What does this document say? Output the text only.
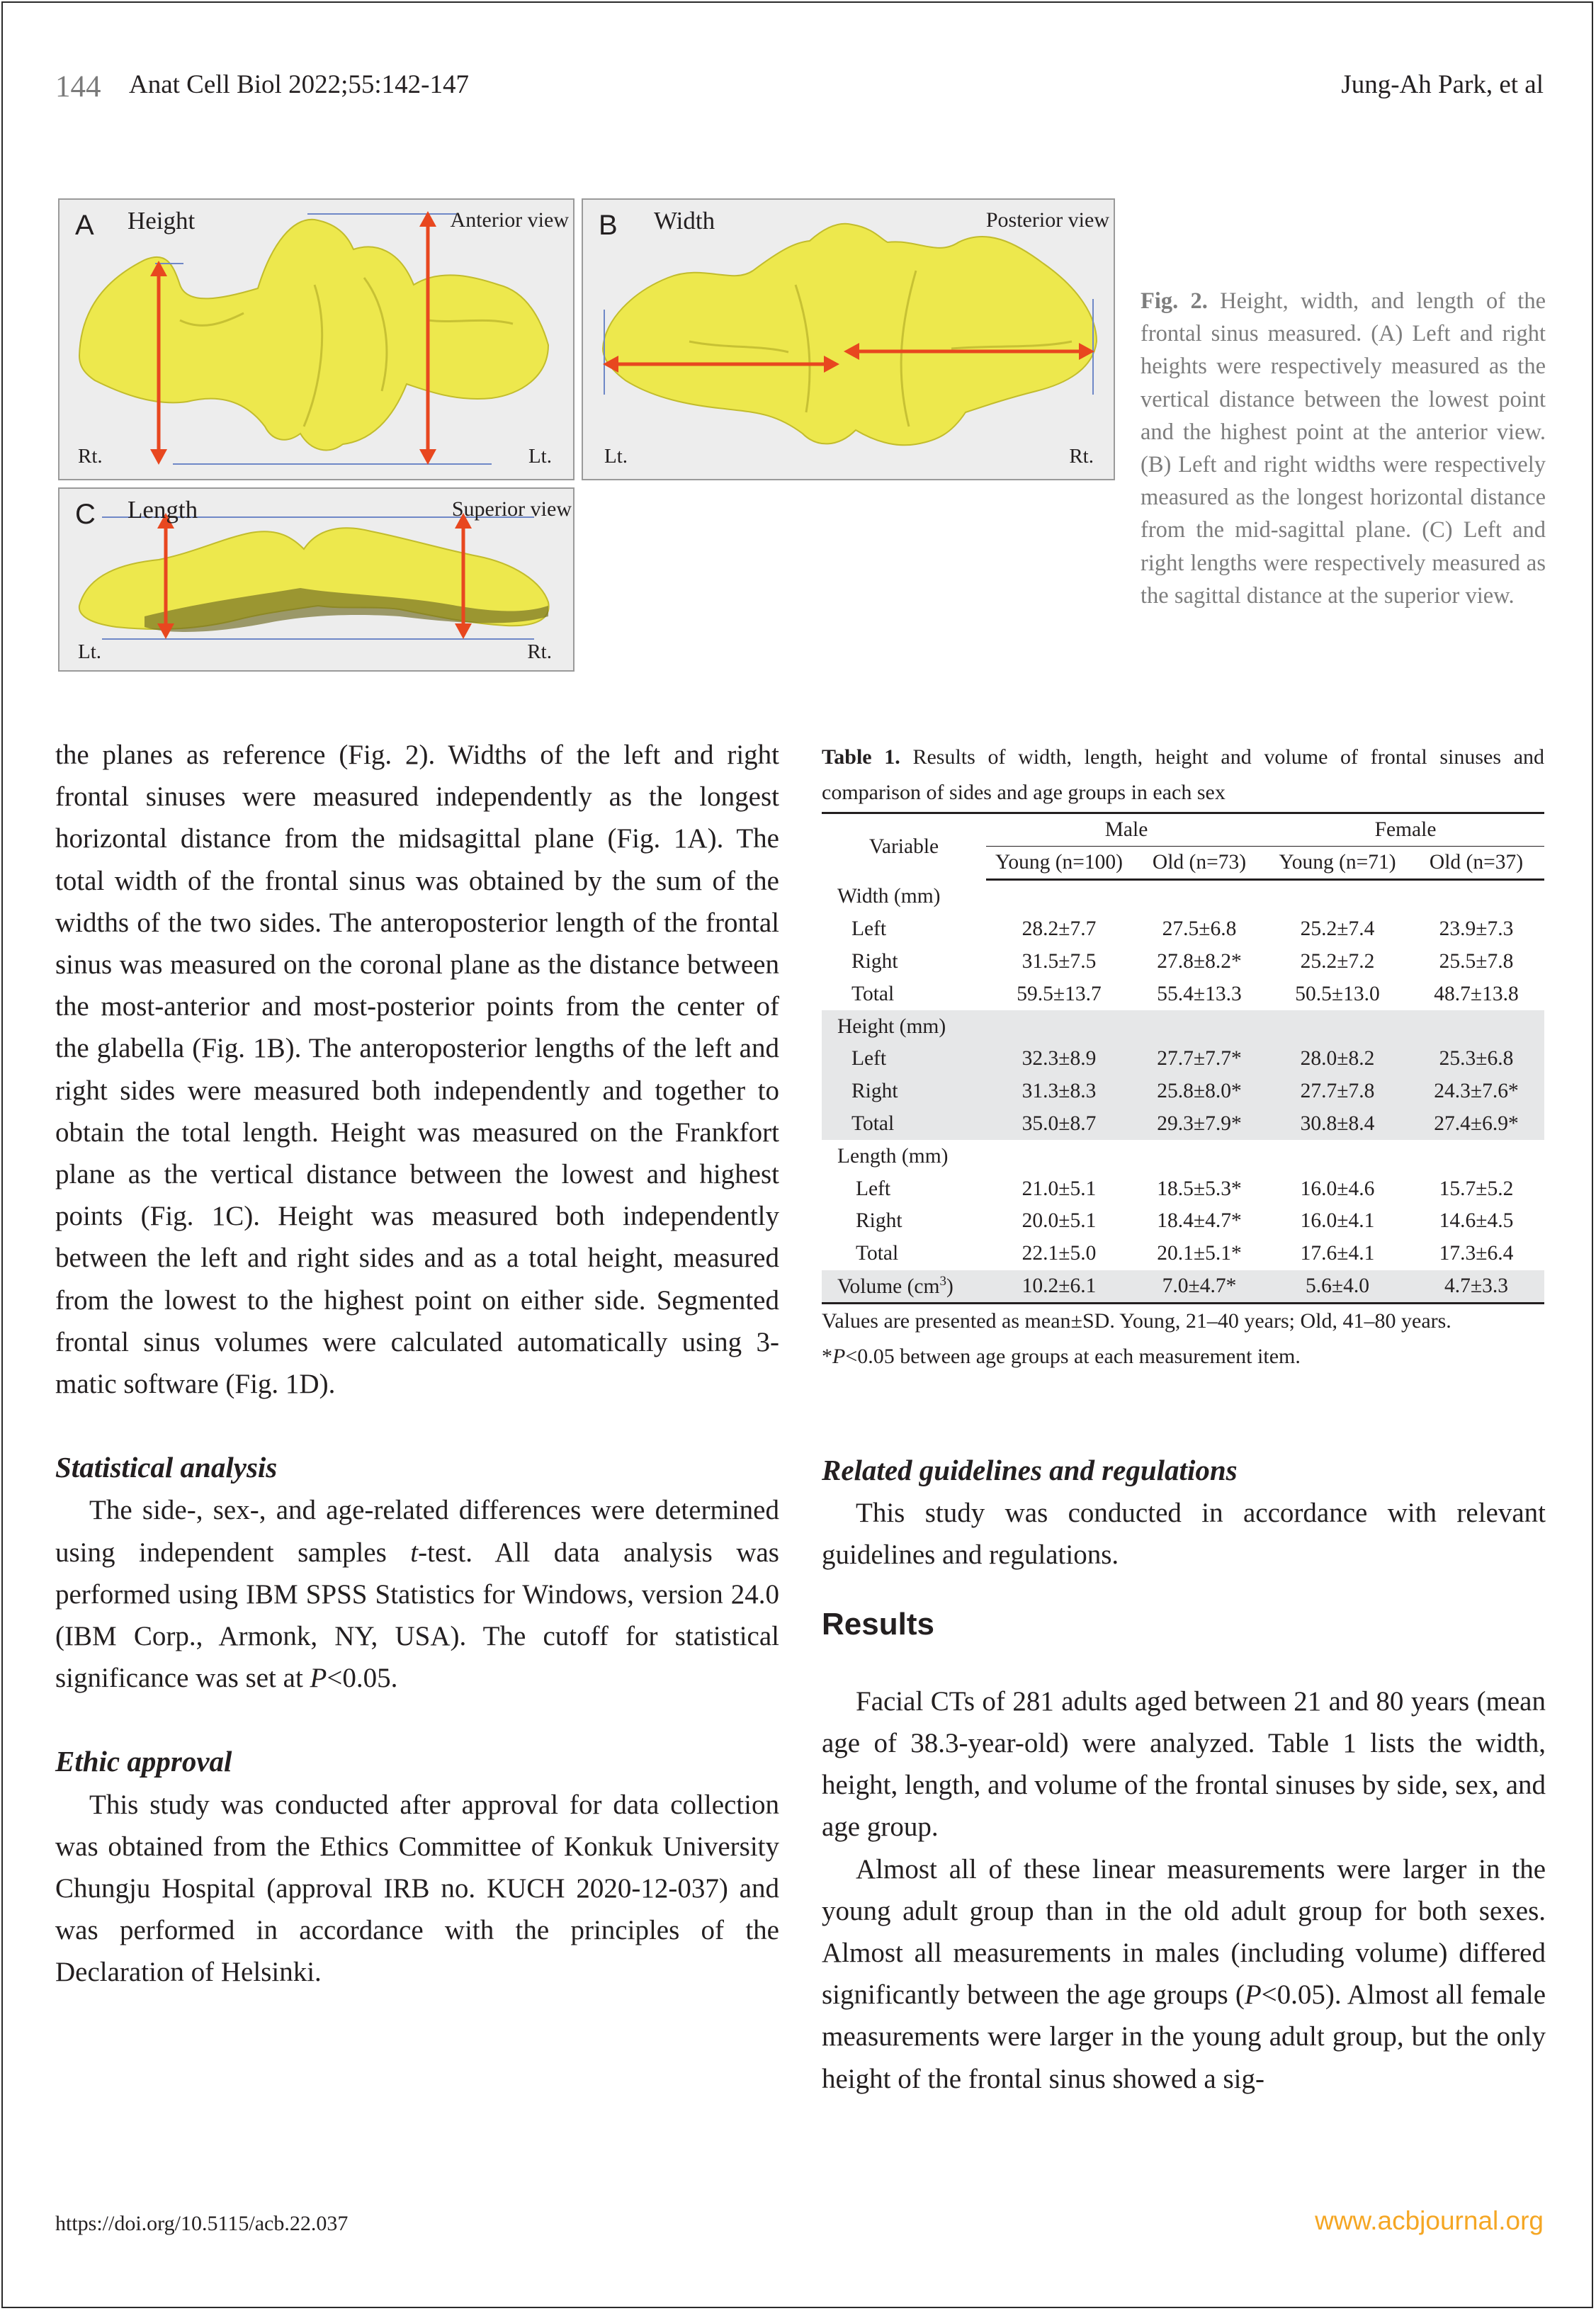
144 Anat Cell Biol 2022;55:142-147	Jung-Ah Park, et al
A Height	Anterior view
Rt.	Lt.
B Width	Posterior view
Lt.	Rt.
C Length	Superior view
Lt.	Rt.
Fig. 2. Height, width, and length of the frontal sinus measured. (A) Left and right heights were respectively measured as the vertical distance between the lowest point and the highest point at the anterior view. (B) Left and right widths were respectively measured as the longest horizontal distance from the mid-sagittal plane. (C) Left and right lengths were respectively measured as the sagittal distance at the superior view.

the planes as reference (Fig. 2). Widths of the left and right frontal sinuses were measured independently as the longest horizontal distance from the midsagittal plane (Fig. 1A). The total width of the frontal sinus was obtained by the sum of the widths of the two sides. The anteroposterior length of the frontal sinus was measured on the coronal plane as the distance between the most-anterior and most-posterior points from the center of the glabella (Fig. 1B). The anteroposterior lengths of the left and right sides were measured both independently and together to obtain the total length. Height was measured on the Frankfort plane as the vertical distance between the lowest and highest points (Fig. 1C). Height was measured both independently between the left and right sides and as a total height, measured from the lowest to the highest point on either side. Segmented frontal sinus volumes were calculated automatically using 3-matic software (Fig. 1D).

Statistical analysis

The side-, sex-, and age-related differences were determined using independent samples t-test. All data analysis was performed using IBM SPSS Statistics for Windows, version 24.0 (IBM Corp., Armonk, NY, USA). The cutoff for statistical significance was set at P<0.05.

Ethic approval

This study was conducted after approval for data collection was obtained from the Ethics Committee of Konkuk University Chungju Hospital (approval IRB no. KUCH 2020-12-037) and was performed in accordance with the principles of the Declaration of Helsinki.

Table 1. Results of width, length, height and volume of frontal sinuses and comparison of sides and age groups in each sex
Variable	Male		Female	
	Young (n=100)	Old (n=73)	Young (n=71)	Old (n=37)
Width (mm)				
Left	28.2±7.7	27.5±6.8	25.2±7.4	23.9±7.3
Right	31.5±7.5	27.8±8.2*	25.2±7.2	25.5±7.8
Total	59.5±13.7	55.4±13.3	50.5±13.0	48.7±13.8
Height (mm)				
Left	32.3±8.9	27.7±7.7*	28.0±8.2	25.3±6.8
Right	31.3±8.3	25.8±8.0*	27.7±7.8	24.3±7.6*
Total	35.0±8.7	29.3±7.9*	30.8±8.4	27.4±6.9*
Length (mm)				
Left	21.0±5.1	18.5±5.3*	16.0±4.6	15.7±5.2
Right	20.0±5.1	18.4±4.7*	16.0±4.1	14.6±4.5
Total	22.1±5.0	20.1±5.1*	17.6±4.1	17.3±6.4
Volume $(cm^3)$	10.2±6.1	7.0±4.7*	5.6±4.0	4.7±3.3
Values are presented as mean±SD. Young, 21–40 years; Old, 41–80 years.
*P<0.05 between age groups at each measurement item.

Related guidelines and regulations

This study was conducted in accordance with relevant guidelines and regulations.

Results

Facial CTs of 281 adults aged between 21 and 80 years (mean age of 38.3-year-old) were analyzed. Table 1 lists the width, height, length, and volume of the frontal sinuses by side, sex, and age group.

Almost all of these linear measurements were larger in the young adult group than in the old adult group for both sexes. Almost all measurements in males (including volume) differed significantly between the age groups (P<0.05). Almost all female measurements were larger in the young adult group, but the only height of the frontal sinus showed a sig-

https://doi.org/10.5115/acb.22.037	www.acbjournal.org
